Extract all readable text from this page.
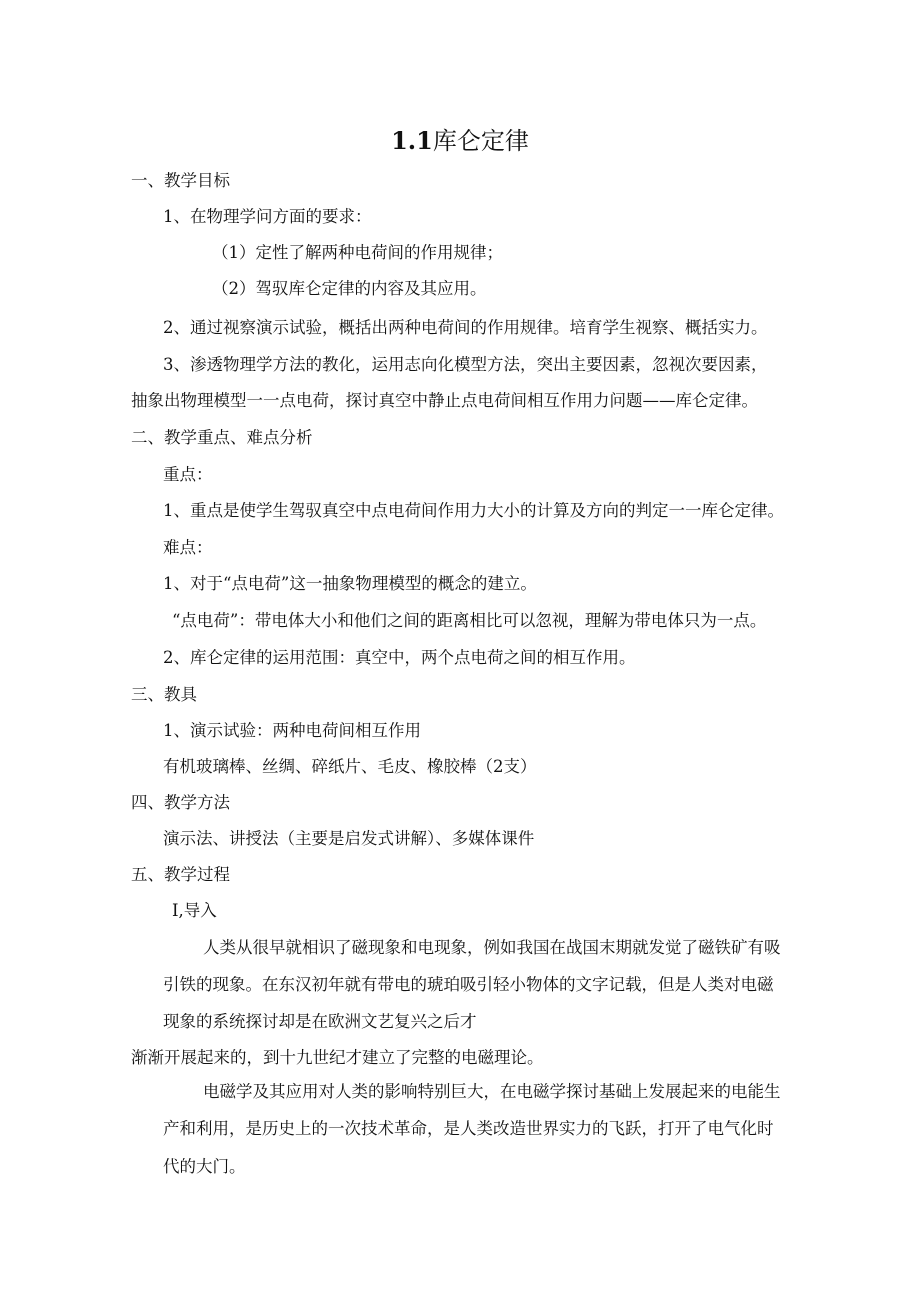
1.1库仑定律
一、教学目标
1、在物理学问方面的要求：
（1）定性了解两种电荷间的作用规律；
（2）驾驭库仑定律的内容及其应用。
2、通过视察演示试验，概括出两种电荷间的作用规律。培育学生视察、概括实力。
3、渗透物理学方法的教化，运用志向化模型方法，突出主要因素，忽视次要因素，
抽象出物理模型一一点电荷，探讨真空中静止点电荷间相互作用力问题——库仑定律。
二、教学重点、难点分析
重点：
1、重点是使学生驾驭真空中点电荷间作用力大小的计算及方向的判定一一库仑定律。
难点：
1、对于“点电荷”这一抽象物理模型的概念的建立。
“点电荷”：带电体大小和他们之间的距离相比可以忽视，理解为带电体只为一点。
2、库仑定律的运用范围：真空中，两个点电荷之间的相互作用。
三、教具
1、演示试验：两种电荷间相互作用
有机玻璃棒、丝绸、碎纸片、毛皮、橡胶棒（2支）
四、教学方法
演示法、讲授法（主要是启发式讲解）、多媒体课件
五、教学过程
I,导入
人类从很早就相识了磁现象和电现象，例如我国在战国末期就发觉了磁铁矿有吸
引铁的现象。在东汉初年就有带电的琥珀吸引轻小物体的文字记载，但是人类对电磁
现象的系统探讨却是在欧洲文艺复兴之后才
渐渐开展起来的，到十九世纪才建立了完整的电磁理论。
电磁学及其应用对人类的影响特别巨大，在电磁学探讨基础上发展起来的电能生
产和利用，是历史上的一次技术革命，是人类改造世界实力的飞跃，打开了电气化时
代的大门。
